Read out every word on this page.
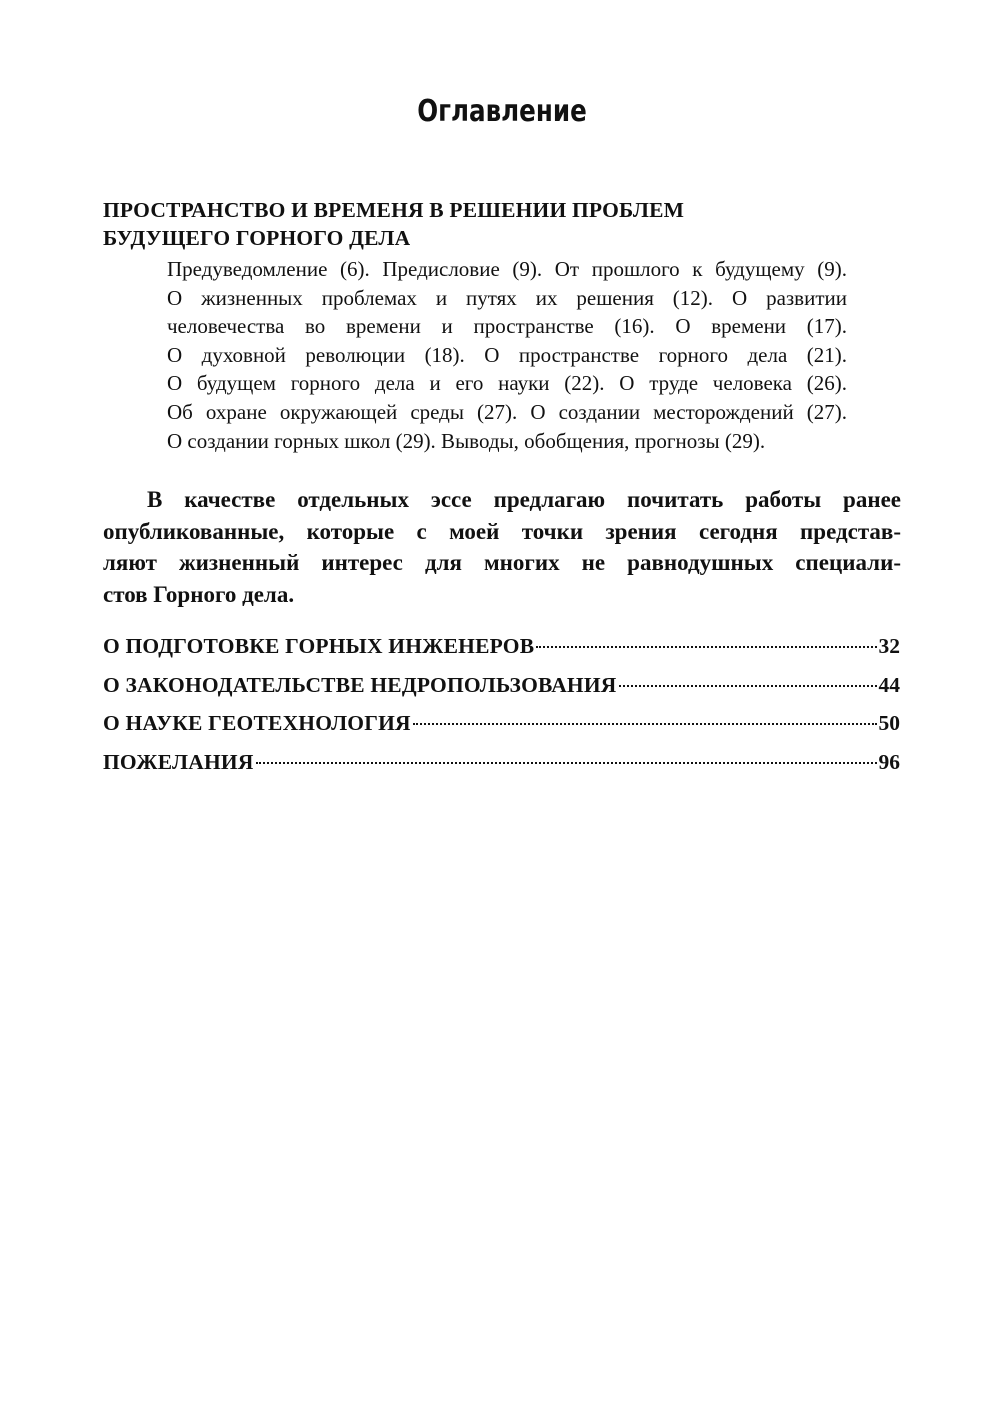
Оглавление
ПРОСТРАНСТВО И ВРЕМЕНЯ В РЕШЕНИИ ПРОБЛЕМ
БУДУЩЕГО ГОРНОГО ДЕЛА
Предуведомление (6). Предисловие (9). От прошлого к будущему (9).
О жизненных проблемах и путях их решения (12). О развитии
человечества во времени и пространстве (16). О времени (17).
О духовной революции (18). О пространстве горного дела (21).
О будущем горного дела и его науки (22). О труде человека (26).
Об охране окружающей среды (27). О создании месторождений (27).
О создании горных школ (29). Выводы, обобщения, прогнозы (29).
В качестве отдельных эссе предлагаю почитать работы ранее
опубликованные, которые с моей точки зрения сегодня представ-
ляют жизненный интерес для многих не равнодушных специали-
стов Горного дела.
О ПОДГОТОВКЕ ГОРНЫХ ИНЖЕНЕРОВ	32
О ЗАКОНОДАТЕЛЬСТВЕ НЕДРОПОЛЬЗОВАНИЯ	44
О НАУКЕ ГЕОТЕХНОЛОГИЯ	50
ПОЖЕЛАНИЯ	96
